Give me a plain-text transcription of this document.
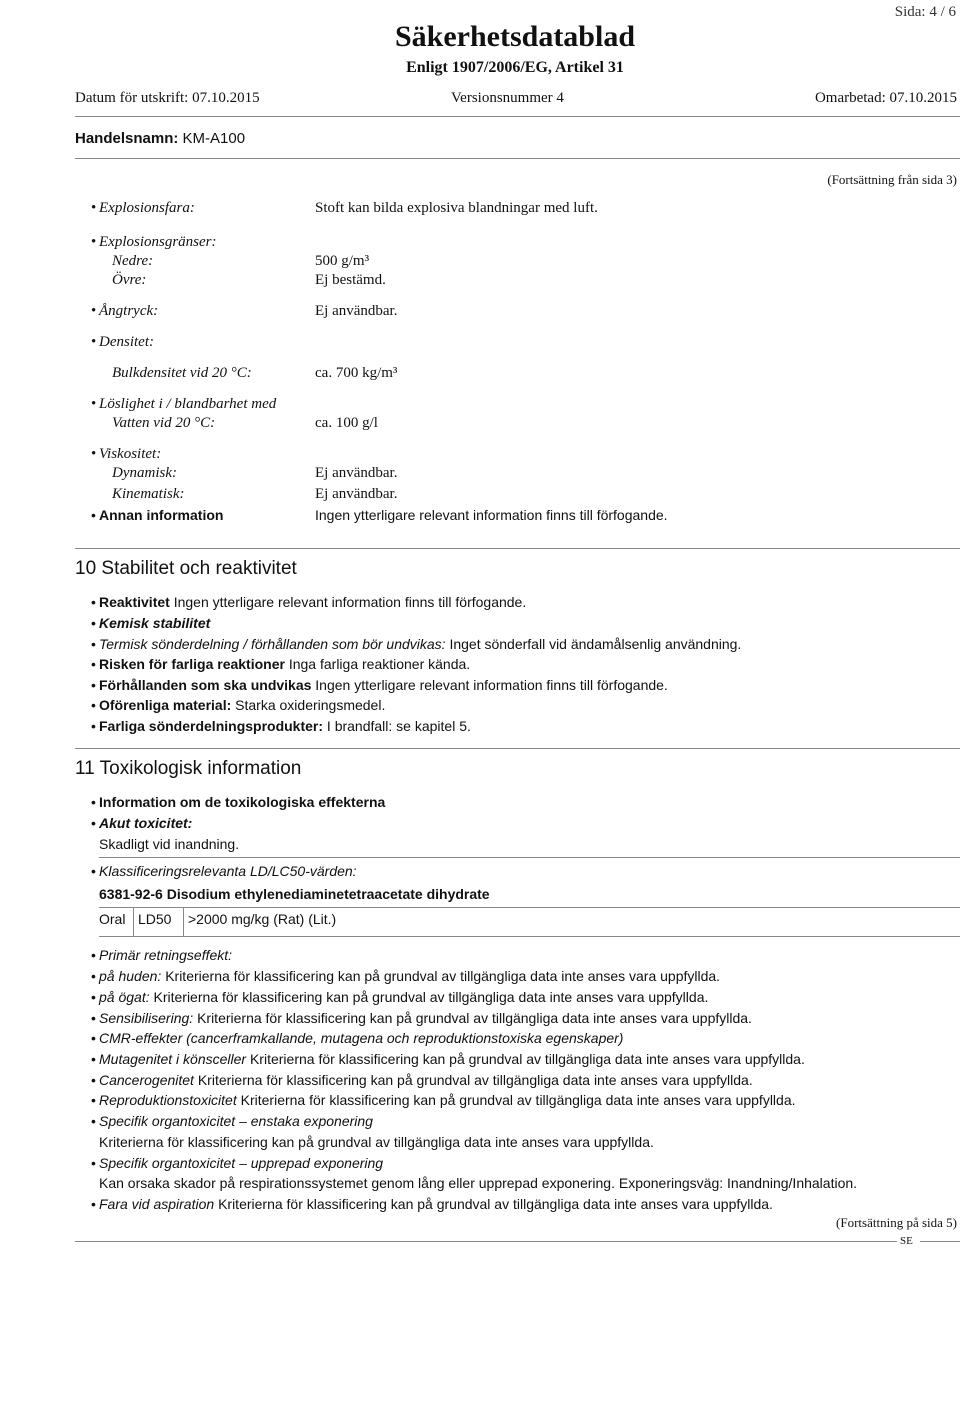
Sida: 4 / 6
Säkerhetsdatablad
Enligt 1907/2006/EG, Artikel 31
Datum för utskrift: 07.10.2015	Versionsnummer 4	Omarbetad: 07.10.2015
Handelsnamn: KM-A100
(Fortsättning från sida 3)
• Explosionsfara:	Stoft kan bilda explosiva blandningar med luft.
• Explosionsgränser:
Nedre:	500 g/m³
Övre:	Ej bestämd.
• Ångtryck:	Ej användbar.
• Densitet:
Bulkdensitet vid 20 °C:	ca. 700 kg/m³
• Löslighet i / blandbarhet med
Vatten vid 20 °C:	ca. 100 g/l
• Viskositet:
Dynamisk:	Ej användbar.
Kinematisk:	Ej användbar.
• Annan information	Ingen ytterligare relevant information finns till förfogande.
10 Stabilitet och reaktivitet
• Reaktivitet Ingen ytterligare relevant information finns till förfogande.
• Kemisk stabilitet
• Termisk sönderdelning / förhållanden som bör undvikas: Inget sönderfall vid ändamålsenlig användning.
• Risken för farliga reaktioner Inga farliga reaktioner kända.
• Förhållanden som ska undvikas Ingen ytterligare relevant information finns till förfogande.
• Oförenliga material: Starka oxideringsmedel.
• Farliga sönderdelningsprodukter: I brandfall: se kapitel 5.
11 Toxikologisk information
• Information om de toxikologiska effekterna
• Akut toxicitet:
Skadligt vid inandning.
• Klassificeringsrelevanta LD/LC50-värden:
6381-92-6 Disodium ethylenediaminetetraacetate dihydrate
Oral LD50 >2000 mg/kg (Rat) (Lit.)
• Primär retningseffekt:
• på huden: Kriterierna för klassificering kan på grundval av tillgängliga data inte anses vara uppfyllda.
• på ögat: Kriterierna för klassificering kan på grundval av tillgängliga data inte anses vara uppfyllda.
• Sensibilisering: Kriterierna för klassificering kan på grundval av tillgängliga data inte anses vara uppfyllda.
• CMR-effekter (cancerframkallande, mutagena och reproduktionstoxiska egenskaper)
• Mutagenitet i könsceller Kriterierna för klassificering kan på grundval av tillgängliga data inte anses vara uppfyllda.
• Cancerogenitet Kriterierna för klassificering kan på grundval av tillgängliga data inte anses vara uppfyllda.
• Reproduktionstoxicitet Kriterierna för klassificering kan på grundval av tillgängliga data inte anses vara uppfyllda.
• Specifik organtoxicitet – enstaka exponering
Kriterierna för klassificering kan på grundval av tillgängliga data inte anses vara uppfyllda.
• Specifik organtoxicitet – upprepad exponering
Kan orsaka skador på respirationssystemet genom lång eller upprepad exponering. Exponeringsväg: Inandning/Inhalation.
• Fara vid aspiration Kriterierna för klassificering kan på grundval av tillgängliga data inte anses vara uppfyllda.
(Fortsättning på sida 5)
SE
